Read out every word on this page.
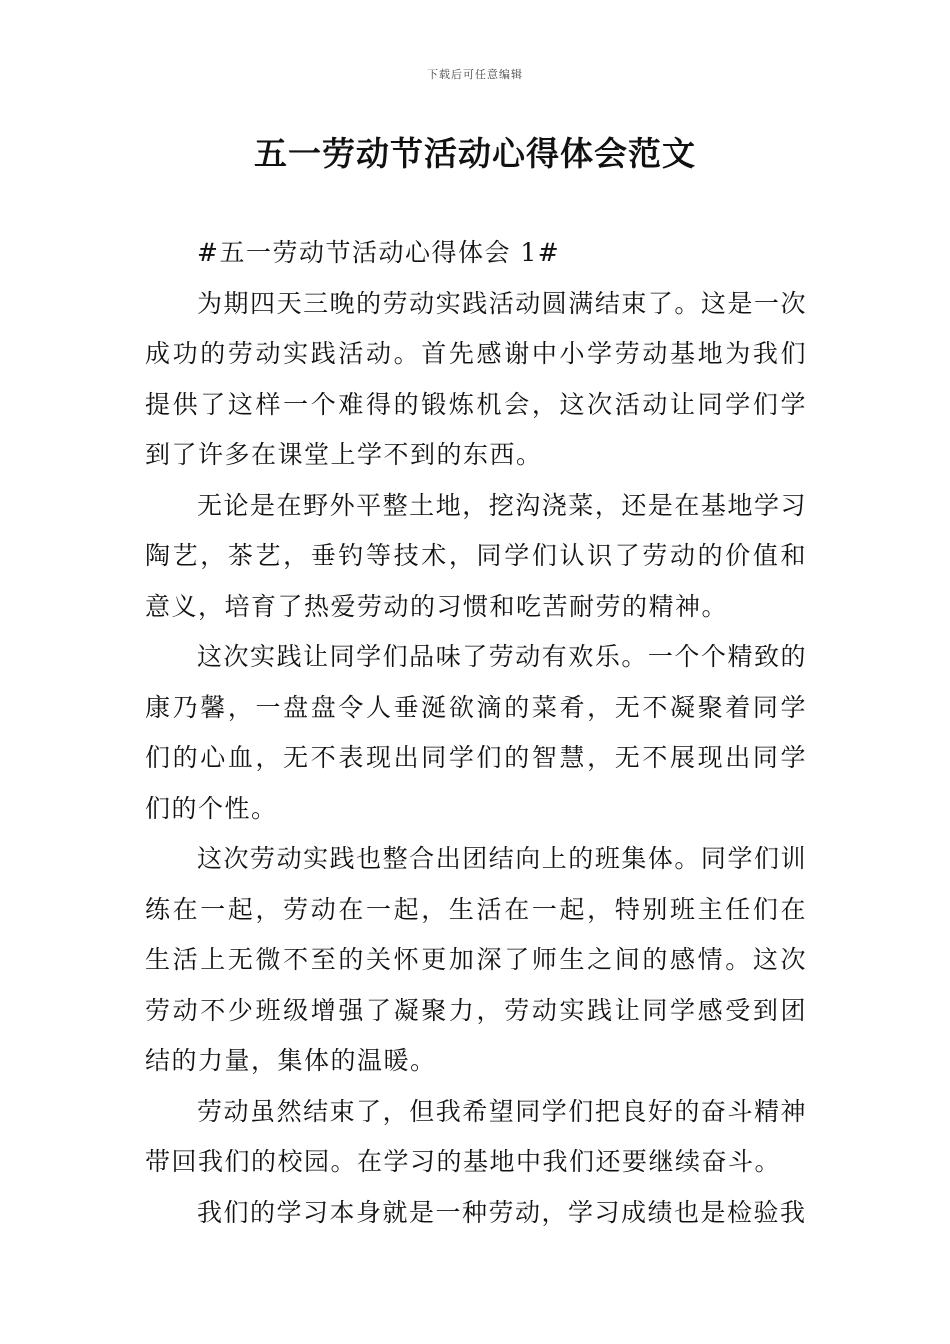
下载后可任意编辑
五一劳动节活动心得体会范文

#五一劳动节活动心得体会 1#

为期四天三晚的劳动实践活动圆满结束了。这是一次成功的劳动实践活动。首先感谢中小学劳动基地为我们提供了这样一个难得的锻炼机会，这次活动让同学们学到了许多在课堂上学不到的东西。

无论是在野外平整土地，挖沟浇菜，还是在基地学习陶艺，茶艺，垂钓等技术，同学们认识了劳动的价值和意义，培育了热爱劳动的习惯和吃苦耐劳的精神。

这次实践让同学们品味了劳动有欢乐。一个个精致的康乃馨，一盘盘令人垂涎欲滴的菜肴，无不凝聚着同学们的心血，无不表现出同学们的智慧，无不展现出同学们的个性。

这次劳动实践也整合出团结向上的班集体。同学们训练在一起，劳动在一起，生活在一起，特别班主任们在生活上无微不至的关怀更加深了师生之间的感情。这次劳动不少班级增强了凝聚力，劳动实践让同学感受到团结的力量，集体的温暖。

劳动虽然结束了，但我希望同学们把良好的奋斗精神带回我们的校园。在学习的基地中我们还要继续奋斗。

我们的学习本身就是一种劳动，学习成绩也是检验我
